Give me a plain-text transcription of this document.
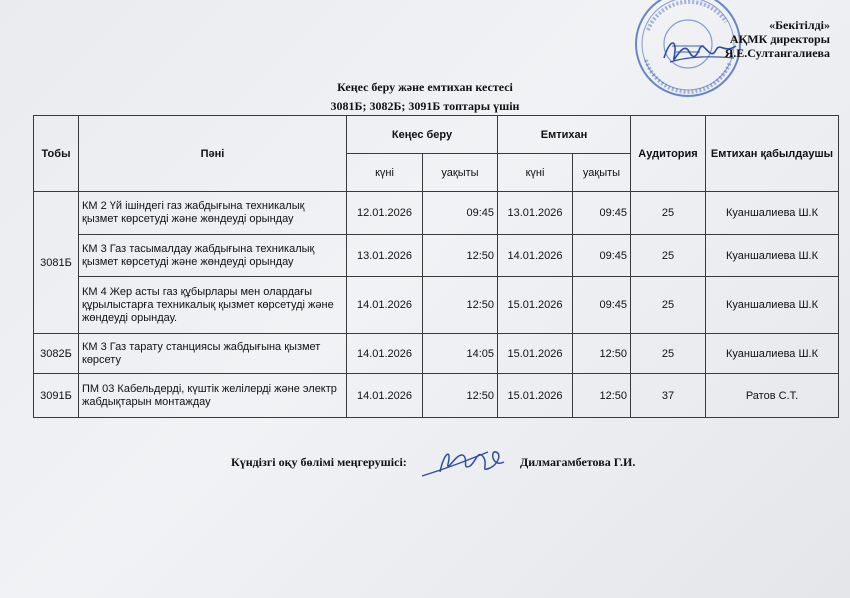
«Бекітілді»
АҚМК директоры
Я.Е.Султангалиева
Кеңес беру және емтихан кестесі
3081Б; 3082Б; 3091Б топтары үшін
Тобы	Пәні	Кеңес беру		Емтихан		Аудитория	Емтихан қабылдаушы
		күні	уақыты	күні	уақыты		
3081Б	КМ 2 Үй ішіндегі газ жабдығына техникалық қызмет көрсетуді және жөндеуді орындау	12.01.2026	09:45	13.01.2026	09:45	25	Куаншалиева Ш.К
	КМ 3 Газ тасымалдау жабдығына техникалық қызмет көрсетуді және жөндеуді орындау	13.01.2026	12:50	14.01.2026	09:45	25	Куаншалиева Ш.К
	КМ 4 Жер асты газ құбырлары мен олардағы құрылыстарға техникалық қызмет көрсетуді және жөндеуді орындау.	14.01.2026	12:50	15.01.2026	09:45	25	Куаншалиева Ш.К
3082Б	КМ 3 Газ тарату станциясы жабдығына қызмет көрсету	14.01.2026	14:05	15.01.2026	12:50	25	Куаншалиева Ш.К
3091Б	ПМ 03 Кабельдерді, күштік желілерді және электр жабдықтарын монтаждау	14.01.2026	12:50	15.01.2026	12:50	37	Ратов С.Т.
Күндізгі оқу бөлімі меңгерушісі:	Дилмагамбетова Г.И.
